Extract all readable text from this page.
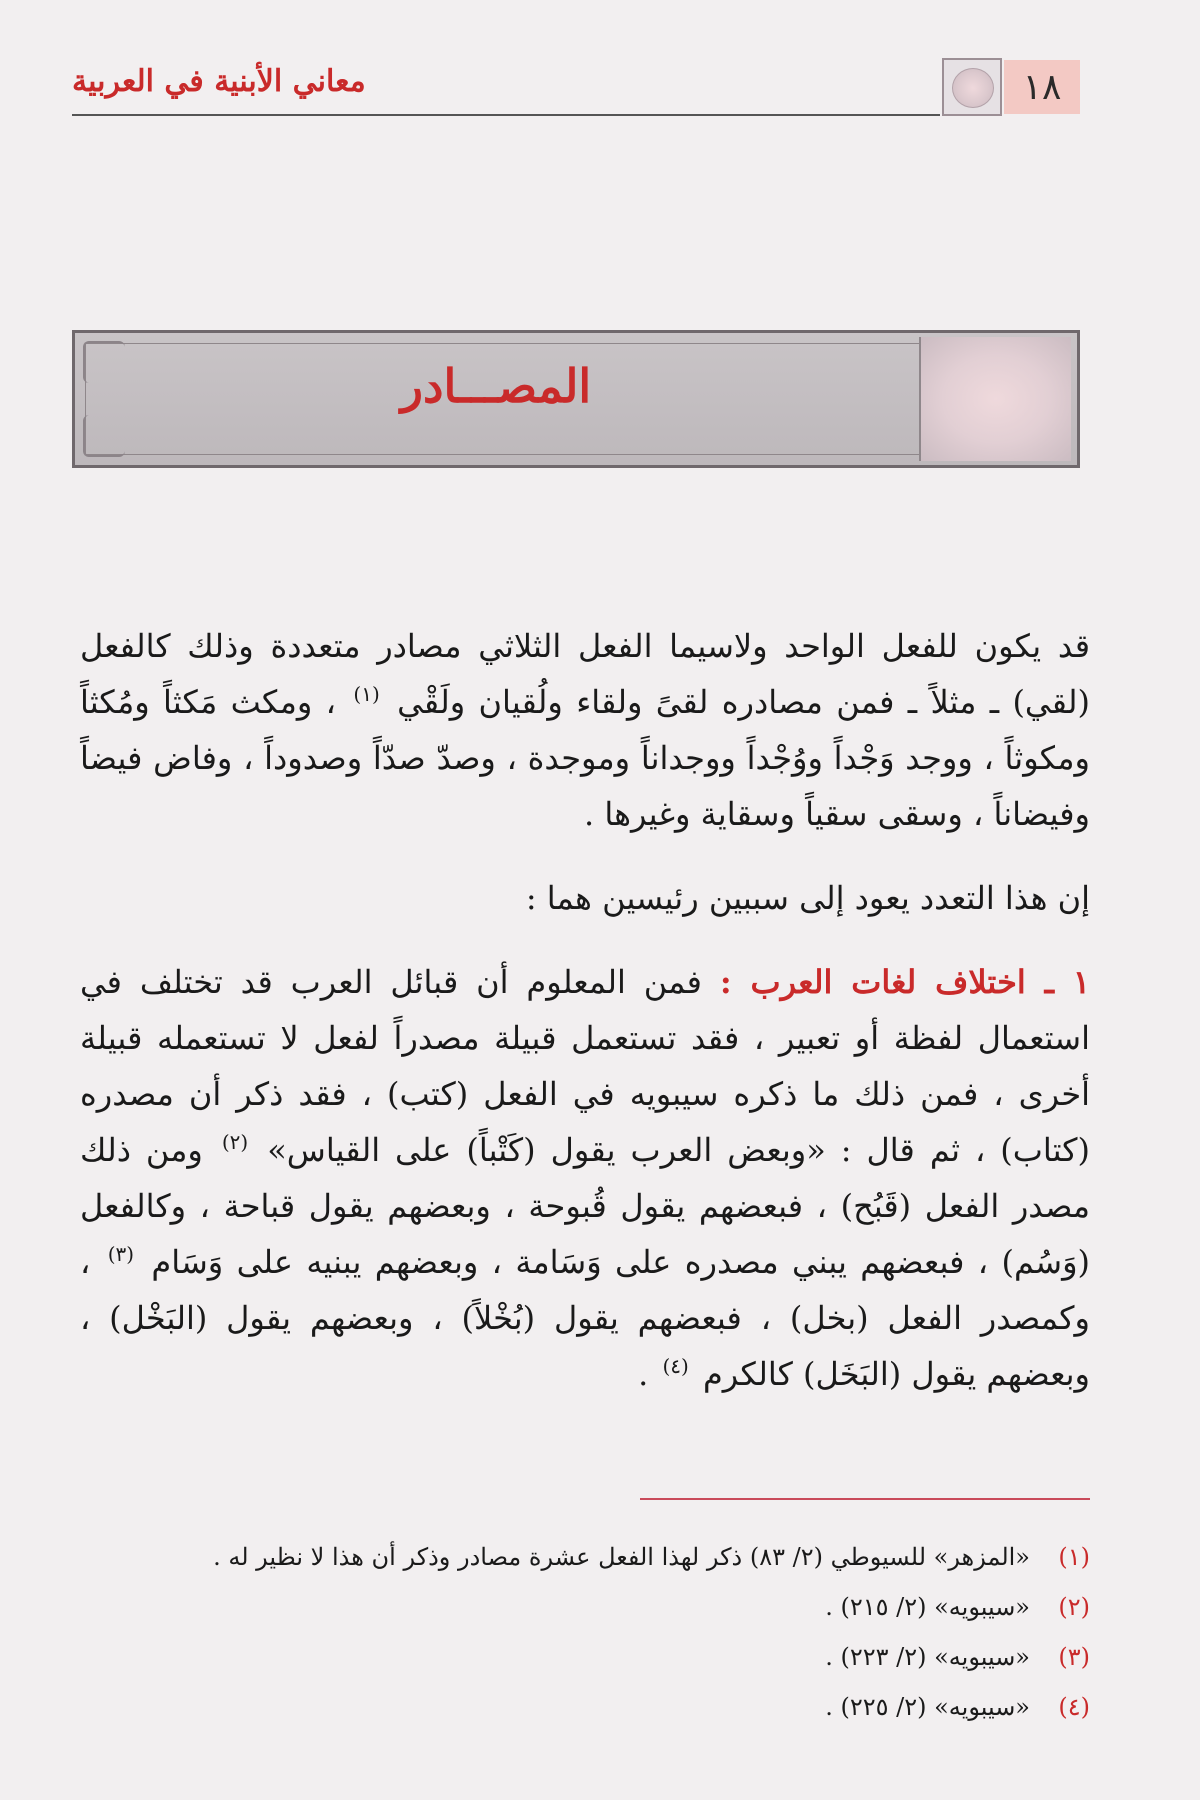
١٨
معاني الأبنية في العربية
المصـــادر

قد يكون للفعل الواحد ولاسيما الفعل الثلاثي مصادر متعددة وذلك كالفعل (لقي) ـ مثلاً ـ فمن مصادره لقىً ولقاء ولُقيان ولَقْي $^{(١)}$ ، ومكث مَكثاً ومُكثاً ومكوثاً ، ووجد وَجْداً ووُجْداً ووجداناً وموجدة ، وصدّ صدّاً وصدوداً ، وفاض فيضاً وفيضاناً ، وسقى سقياً وسقاية وغيرها .

إن هذا التعدد يعود إلى سببين رئيسين هما :

١ ـ اختلاف لغات العرب : فمن المعلوم أن قبائل العرب قد تختلف في استعمال لفظة أو تعبير ، فقد تستعمل قبيلة مصدراً لفعل لا تستعمله قبيلة أخرى ، فمن ذلك ما ذكره سيبويه في الفعل (كتب) ، فقد ذكر أن مصدره (كتاب) ، ثم قال : «وبعض العرب يقول (كَتْباً) على القياس» $^{(٢)}$ ومن ذلك مصدر الفعل (قَبُح) ، فبعضهم يقول قُبوحة ، وبعضهم يقول قباحة ، وكالفعل (وَسُم) ، فبعضهم يبني مصدره على وَسَامة ، وبعضهم يبنيه على وَسَام $^{(٣)}$ ، وكمصدر الفعل (بخل) ، فبعضهم يقول (بُخْلاً) ، وبعضهم يقول (البَخْل) ، وبعضهم يقول (البَخَل) كالكرم $^{(٤)}$ .

(١)
«المزهر» للسيوطي (٢/ ٨٣) ذكر لهذا الفعل عشرة مصادر وذكر أن هذا لا نظير له .
(٢)
«سيبويه» (٢/ ٢١٥) .
(٣)
«سيبويه» (٢/ ٢٢٣) .
(٤)
«سيبويه» (٢/ ٢٢٥) .
